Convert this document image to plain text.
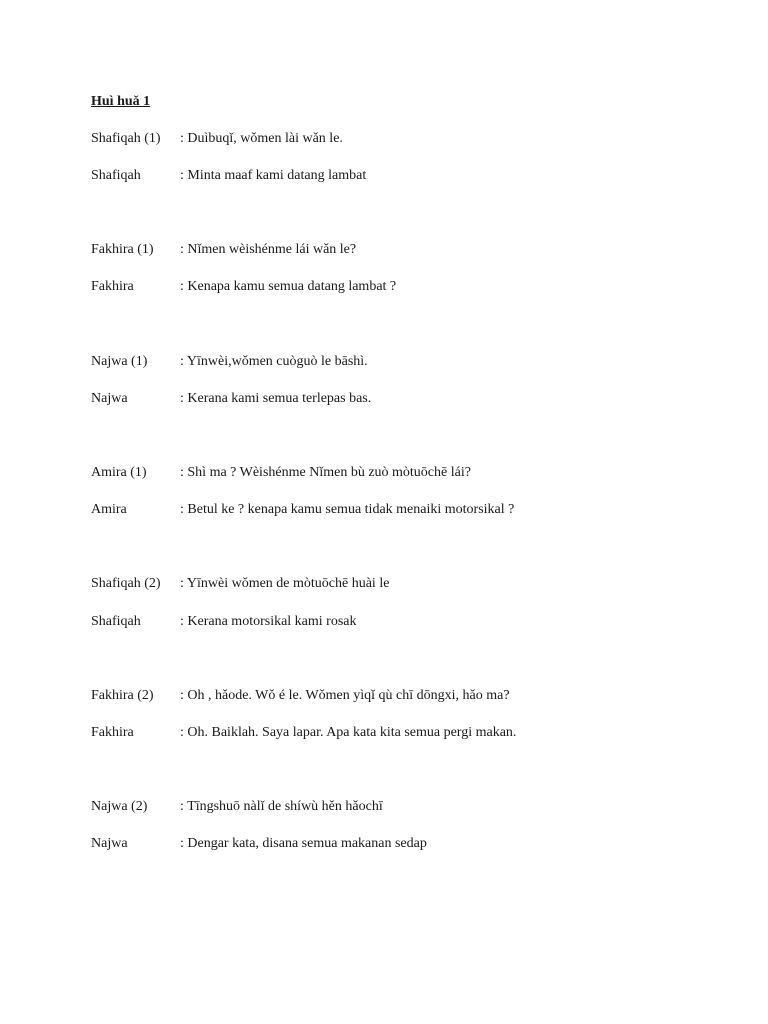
Huì huǎ 1
Shafiqah (1) : Duìbuqǐ, wǒmen lài wǎn le.
Shafiqah	: Minta maaf kami datang lambat
Fakhira (1) : Nǐmen wèishénme lái wǎn le?
Fakhira	: Kenapa kamu semua datang lambat ?
Najwa (1) : Yīnwèi,wǒmen cuòguò le bāshì.
Najwa	: Kerana kami semua terlepas bas.
Amira (1) : Shì ma ? Wèishénme Nǐmen bù zuò mòtuōchē lái?
Amira	: Betul ke ? kenapa kamu semua tidak menaiki motorsikal ?
Shafiqah (2) : Yīnwèi wǒmen de mòtuōchē huài le
Shafiqah	: Kerana motorsikal kami rosak
Fakhira (2) : Oh , hǎode. Wǒ é le. Wǒmen yìqǐ qù chī dōngxi, hǎo ma?
Fakhira	: Oh. Baiklah. Saya lapar. Apa kata kita semua pergi makan.
Najwa (2) : Tīngshuō nàlǐ de shíwù hěn hǎochī
Najwa	: Dengar kata, disana semua makanan sedap
